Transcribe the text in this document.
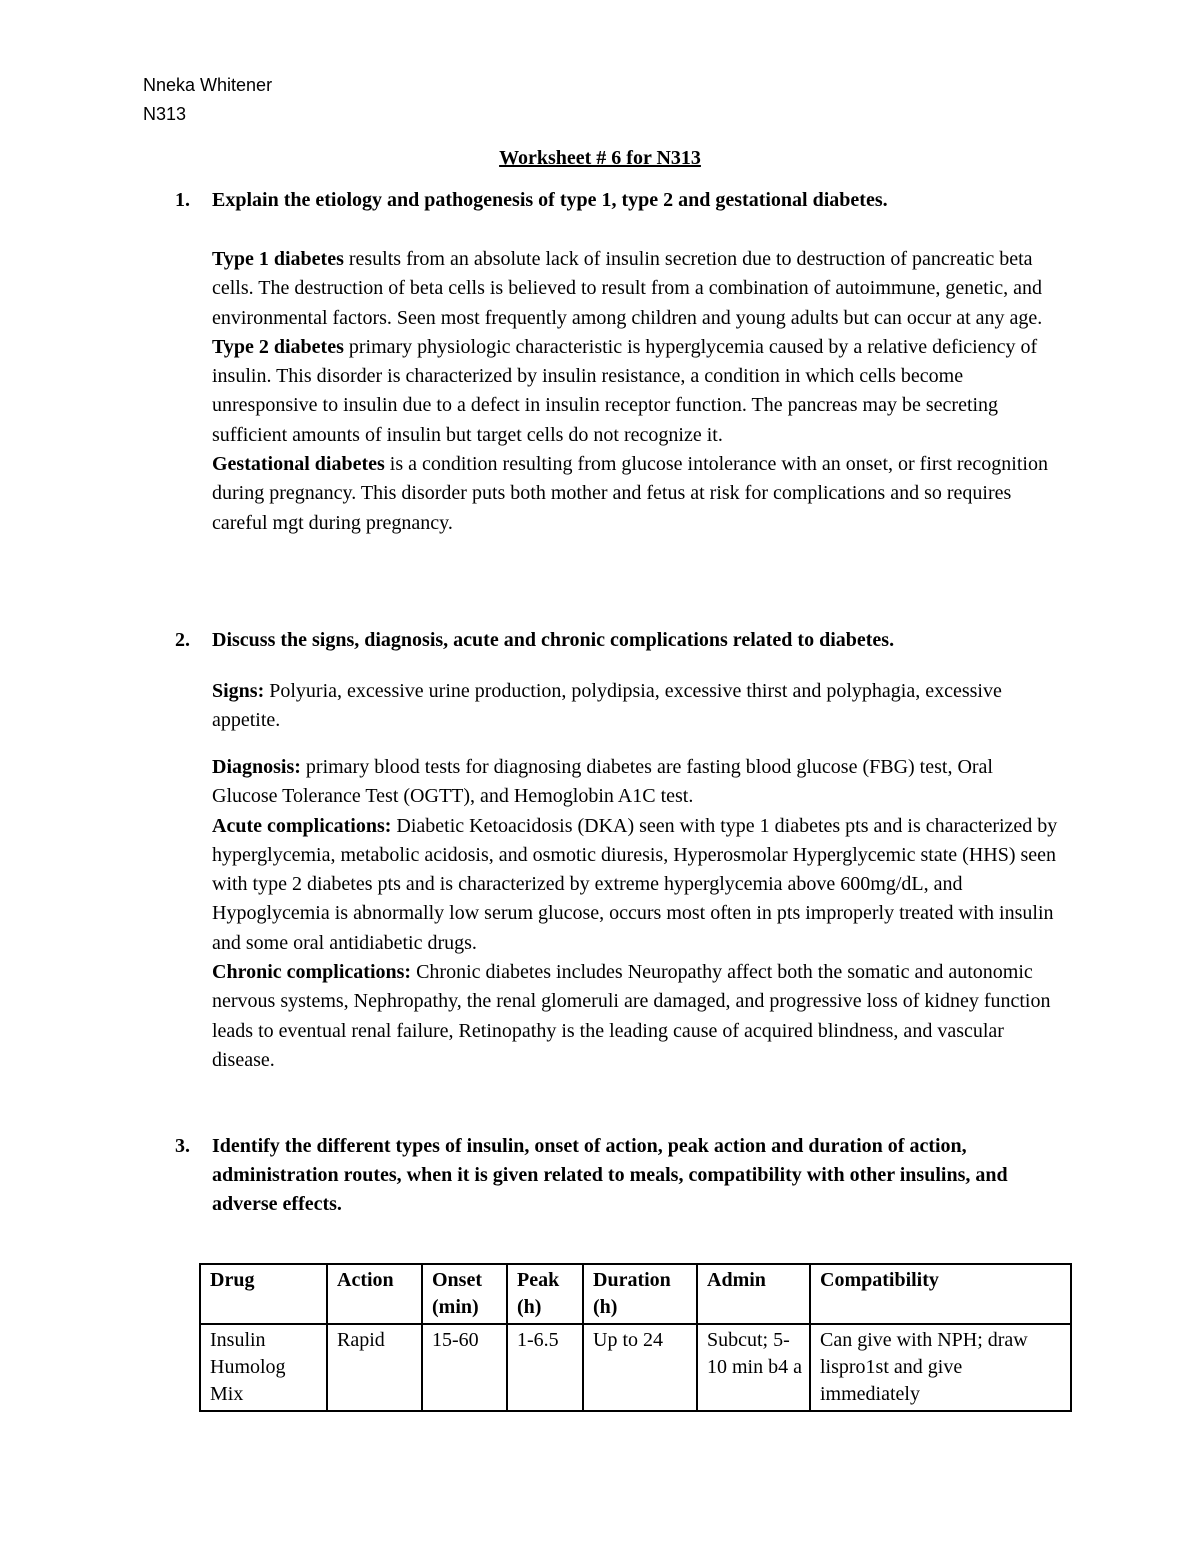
Nneka Whitener
N313
Worksheet # 6 for N313
1. Explain the etiology and pathogenesis of type 1, type 2 and gestational diabetes.
Type 1 diabetes results from an absolute lack of insulin secretion due to destruction of pancreatic beta cells. The destruction of beta cells is believed to result from a combination of autoimmune, genetic, and environmental factors. Seen most frequently among children and young adults but can occur at any age.
Type 2 diabetes primary physiologic characteristic is hyperglycemia caused by a relative deficiency of insulin. This disorder is characterized by insulin resistance, a condition in which cells become unresponsive to insulin due to a defect in insulin receptor function. The pancreas may be secreting sufficient amounts of insulin but target cells do not recognize it.
Gestational diabetes is a condition resulting from glucose intolerance with an onset, or first recognition during pregnancy. This disorder puts both mother and fetus at risk for complications and so requires careful mgt during pregnancy.
2. Discuss the signs, diagnosis, acute and chronic complications related to diabetes.
Signs: Polyuria, excessive urine production, polydipsia, excessive thirst and polyphagia, excessive appetite.
Diagnosis: primary blood tests for diagnosing diabetes are fasting blood glucose (FBG) test, Oral Glucose Tolerance Test (OGTT), and Hemoglobin A1C test.
Acute complications: Diabetic Ketoacidosis (DKA) seen with type 1 diabetes pts and is characterized by hyperglycemia, metabolic acidosis, and osmotic diuresis, Hyperosmolar Hyperglycemic state (HHS) seen with type 2 diabetes pts and is characterized by extreme hyperglycemia above 600mg/dL, and Hypoglycemia is abnormally low serum glucose, occurs most often in pts improperly treated with insulin and some oral antidiabetic drugs.
Chronic complications: Chronic diabetes includes Neuropathy affect both the somatic and autonomic nervous systems, Nephropathy, the renal glomeruli are damaged, and progressive loss of kidney function leads to eventual renal failure, Retinopathy is the leading cause of acquired blindness, and vascular disease.
3. Identify the different types of insulin, onset of action, peak action and duration of action, administration routes, when it is given related to meals, compatibility with other insulins, and adverse effects.
Drug	Action	Onset (min)	Peak (h)	Duration (h)	Admin	Compatibility
Insulin Humolog Mix	Rapid	15-60	1-6.5	Up to 24	Subcut; 5-10 min b4 a	Can give with NPH; draw lispro1st and give immediately
